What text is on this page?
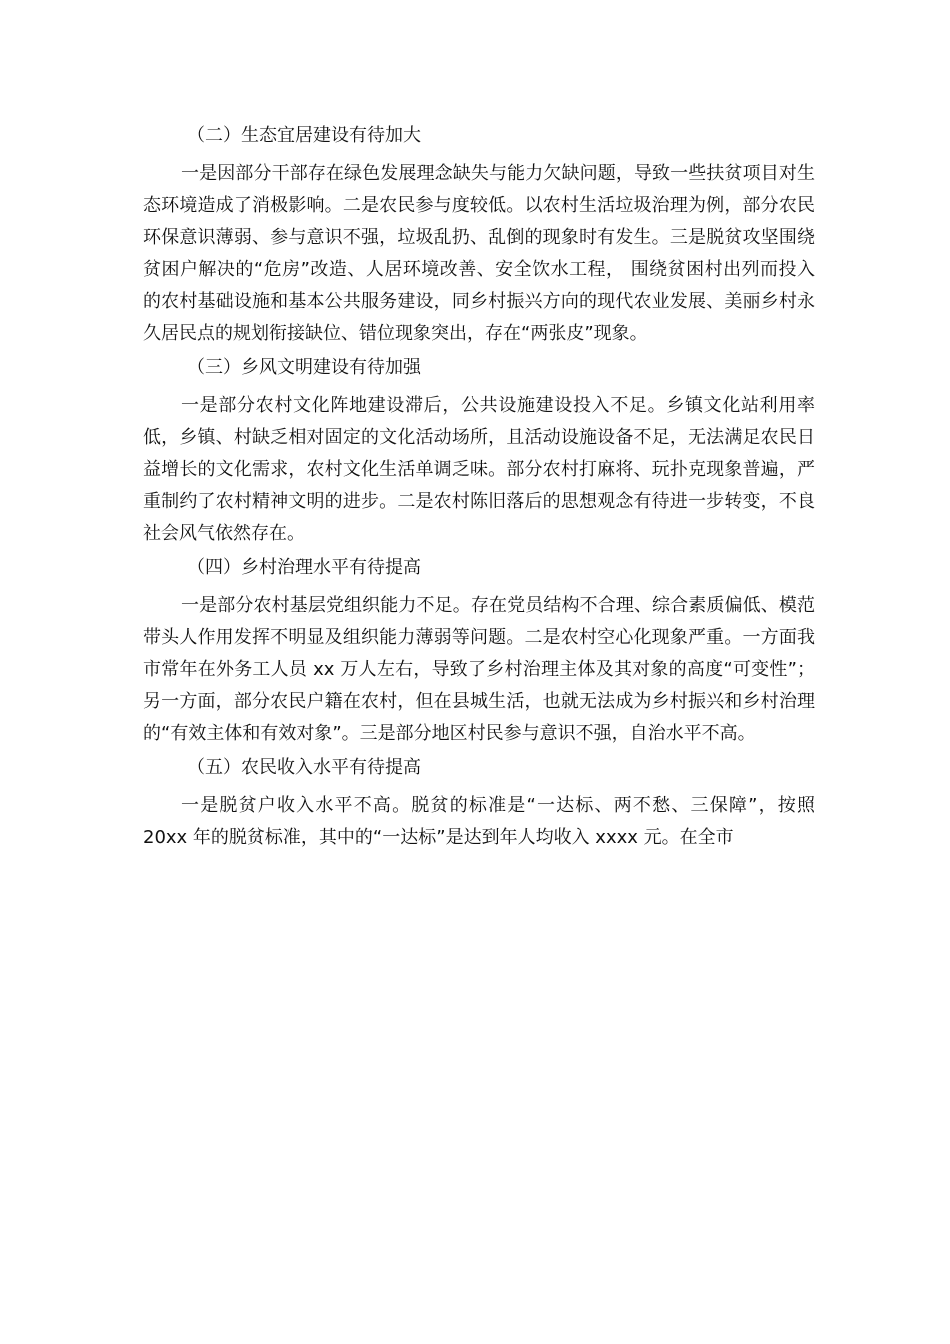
（二）生态宜居建设有待加大

一是因部分干部存在绿色发展理念缺失与能力欠缺问题，导致一些扶贫项目对生态环境造成了消极影响。二是农民参与度较低。以农村生活垃圾治理为例，部分农民环保意识薄弱、参与意识不强，垃圾乱扔、乱倒的现象时有发生。三是脱贫攻坚围绕贫困户解决的“危房”改造、人居环境改善、安全饮水工程， 围绕贫困村出列而投入的农村基础设施和基本公共服务建设，同乡村振兴方向的现代农业发展、美丽乡村永久居民点的规划衔接缺位、错位现象突出，存在“两张皮”现象。

（三）乡风文明建设有待加强

一是部分农村文化阵地建设滞后，公共设施建设投入不足。乡镇文化站利用率低，乡镇、村缺乏相对固定的文化活动场所，且活动设施设备不足，无法满足农民日益增长的文化需求，农村文化生活单调乏味。部分农村打麻将、玩扑克现象普遍，严重制约了农村精神文明的进步。二是农村陈旧落后的思想观念有待进一步转变，不良社会风气依然存在。

（四）乡村治理水平有待提高

一是部分农村基层党组织能力不足。存在党员结构不合理、综合素质偏低、模范带头人作用发挥不明显及组织能力薄弱等问题。二是农村空心化现象严重。一方面我市常年在外务工人员 xx 万人左右，导致了乡村治理主体及其对象的高度“可变性”；另一方面，部分农民户籍在农村，但在县城生活，也就无法成为乡村振兴和乡村治理的“有效主体和有效对象”。三是部分地区村民参与意识不强，自治水平不高。

（五）农民收入水平有待提高

一是脱贫户收入水平不高。脱贫的标准是“一达标、两不愁、三保障”，按照 20xx 年的脱贫标准，其中的“一达标”是达到年人均收入 xxxx 元。在全市
